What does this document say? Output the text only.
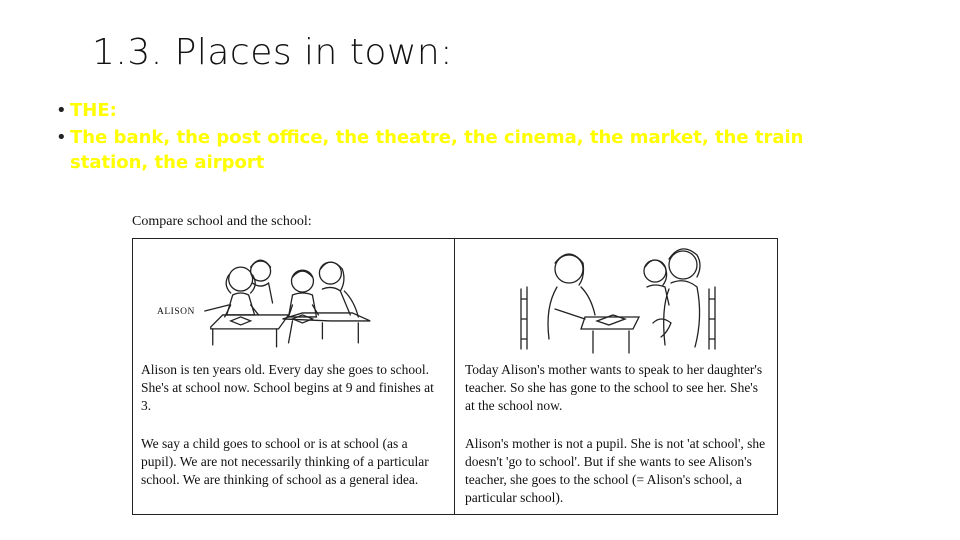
1.3. Places in town:
• THE:
• The bank, the post office, the theatre, the cinema, the market, the train station, the airport
Compare school and the school:
ALISON
Alison is ten years old. Every day she goes to school. She's at school now. School begins at 9 and finishes at 3.
We say a child goes to school or is at school (as a pupil). We are not necessarily thinking of a particular school. We are thinking of school as a general idea.
Today Alison's mother wants to speak to her daughter's teacher. So she has gone to the school to see her. She's at the school now.
Alison's mother is not a pupil. She is not 'at school', she doesn't 'go to school'. But if she wants to see Alison's teacher, she goes to the school (= Alison's school, a particular school).
